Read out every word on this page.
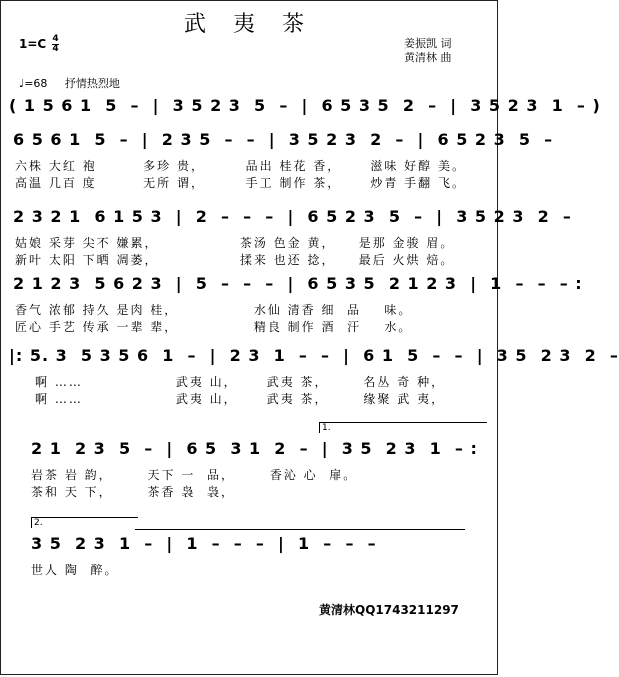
武 夷 茶
1=C 4
4	姜振凯 词
黄清林 曲
♩=68 抒情热烈地
( 1 5 6 1  5  –  |  3 5 2 3  5  –  |  6 5 3 5  2  –  |  3 5 2 3  1  – )
6 5 6 1  5  –  |  2 3 5  –  –  |  3 5 2 3  2  –  |  6 5 2 3  5  –
六株 大红 袍        多珍 贵，       品出 桂花 香，     滋味 好醇 美。
高温 几百 度        无所 谓，       手工 制作 茶，     炒青 手翻 飞。
2 3 2 1  6 1 5 3  |  2  –  –  –  |  6 5 2 3  5  –  |  3 5 2 3  2  –
姑娘 采芽 尖不 嫌累，              茶汤 色金 黄，    是那 金骏 眉。
新叶 太阳 下晒 凋萎，              揉来 也还 捻，    最后 火烘 焙。
2 1 2 3  5 6 2 3  |  5  –  –  –  |  6 5 3 5  2 1 2 3  |  1  –  –  – :
香气 浓郁 持久 是肉 桂，             水仙 清香 细  品    味。
匠心 手艺 传承 一辈 辈，             精良 制作 酒  汗    水。
|: 5. 3  5 3 5 6  1  –  |  2 3  1  –  –  |  6 1  5  –  –  |  3 5  2 3  2  –
啊 ……                武夷 山，     武夷 茶，      名丛 奇 种，
啊 ……                武夷 山，     武夷 茶，      缘聚 武 夷，
1.
2 1  2 3  5  –  |  6 5  3 1  2  –  |  3 5  2 3  1  – :
岩茶 岩 韵，      天下 一  品，      香沁 心  扉。
茶和 天 下，      茶香 袅  袅，
2.
3 5  2 3  1  –  |  1  –  –  –  |  1  –  –  –
世人 陶  醉。
黄清林QQ1743211297
